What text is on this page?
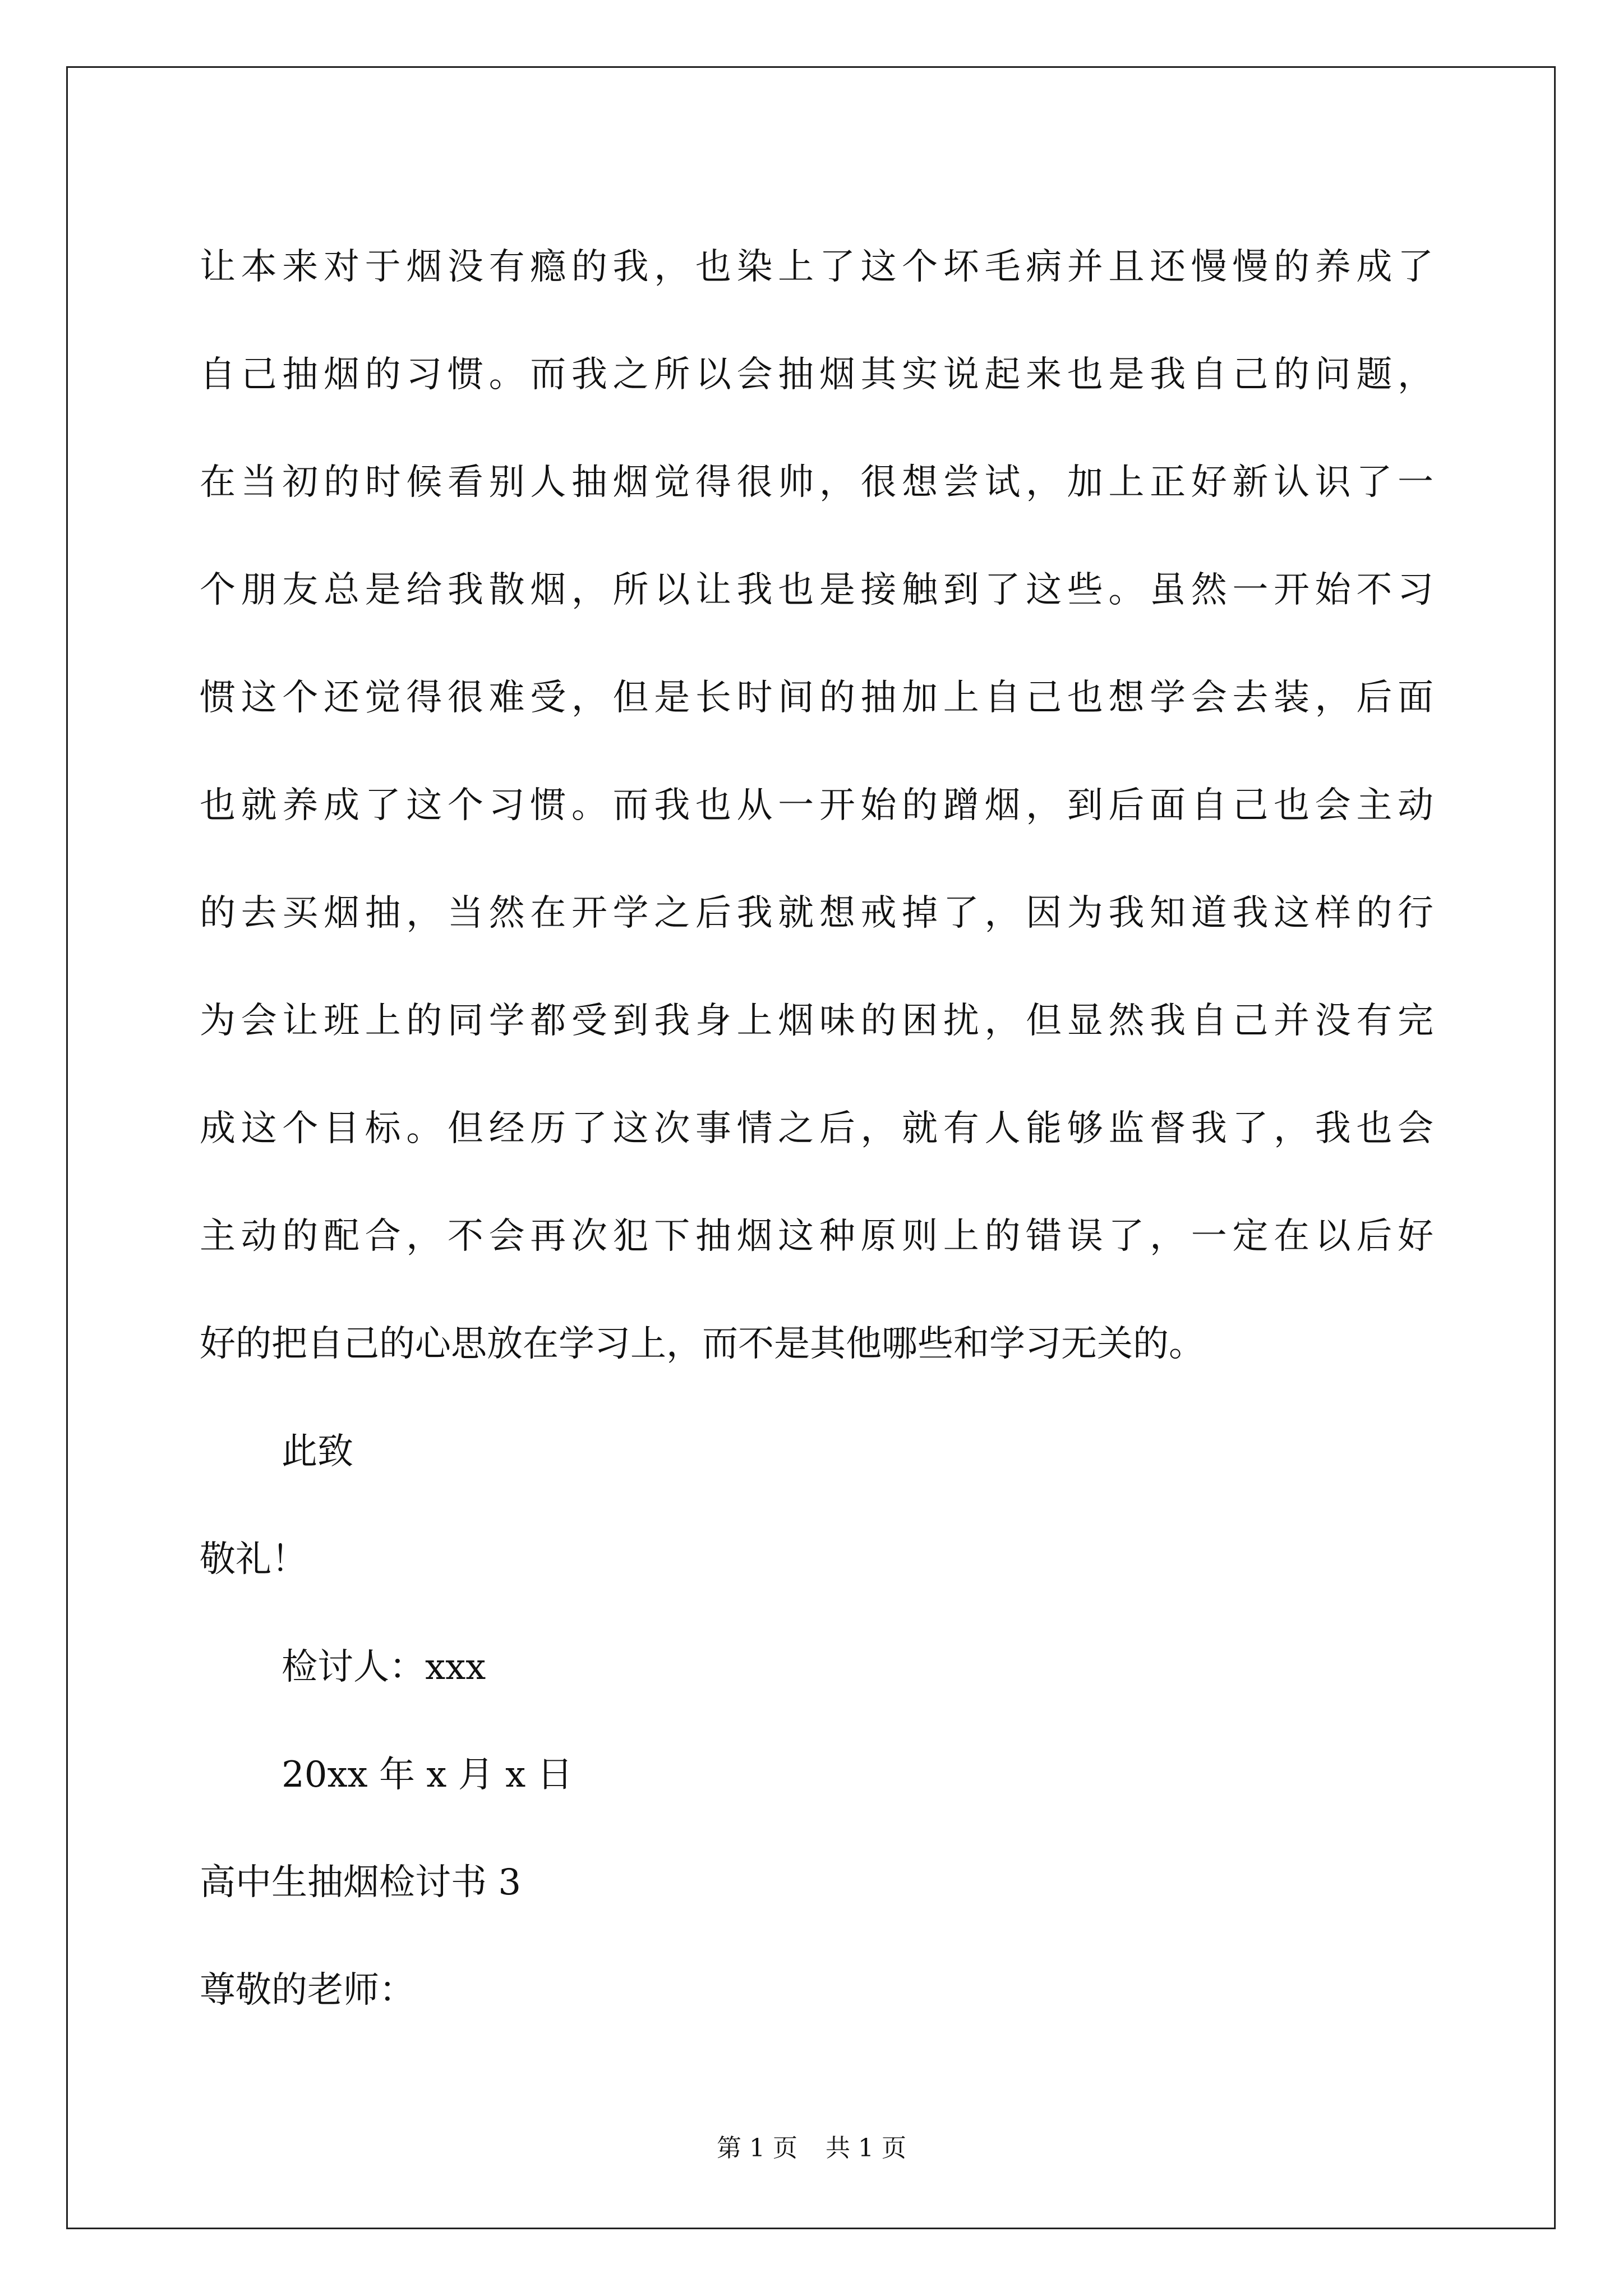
让本来对于烟没有瘾的我，也染上了这个坏毛病并且还慢慢的养成了
自己抽烟的习惯。而我之所以会抽烟其实说起来也是我自己的问题，
在当初的时候看别人抽烟觉得很帅，很想尝试，加上正好新认识了一
个朋友总是给我散烟，所以让我也是接触到了这些。虽然一开始不习
惯这个还觉得很难受，但是长时间的抽加上自己也想学会去装，后面
也就养成了这个习惯。而我也从一开始的蹭烟，到后面自己也会主动
的去买烟抽，当然在开学之后我就想戒掉了，因为我知道我这样的行
为会让班上的同学都受到我身上烟味的困扰，但显然我自己并没有完
成这个目标。但经历了这次事情之后，就有人能够监督我了，我也会
主动的配合，不会再次犯下抽烟这种原则上的错误了，一定在以后好
好的把自己的心思放在学习上，而不是其他哪些和学习无关的。
此致
敬礼！
检讨人：xxx
20xx 年 x 月 x 日
高中生抽烟检讨书 3
尊敬的老师：
第 1 页 共 1 页
